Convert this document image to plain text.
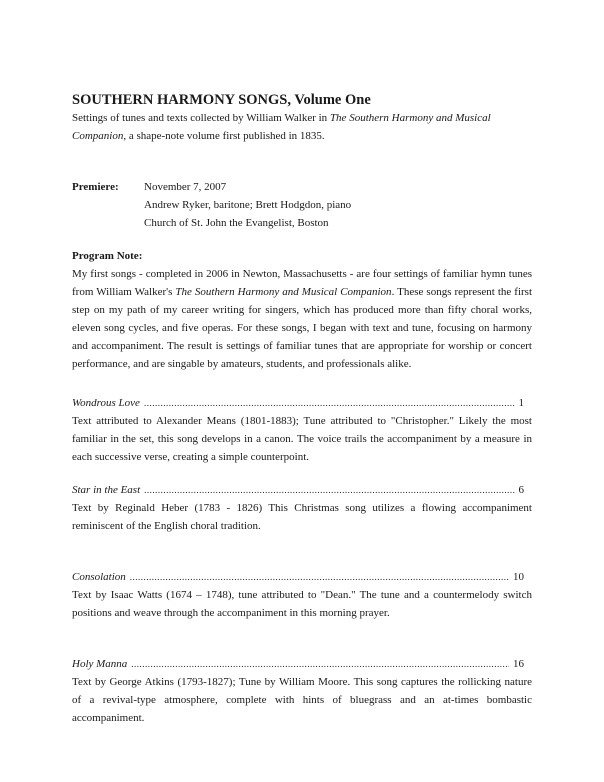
SOUTHERN HARMONY SONGS, Volume One
Settings of tunes and texts collected by William Walker in The Southern Harmony and Musical Companion, a shape-note volume first published in 1835.
Premiere:	November 7, 2007
Andrew Ryker, baritone; Brett Hodgdon, piano
Church of St. John the Evangelist, Boston
Program Note:
My first songs - completed in 2006 in Newton, Massachusetts - are four settings of familiar hymn tunes from William Walker's The Southern Harmony and Musical Companion. These songs represent the first step on my path of my career writing for singers, which has produced more than fifty choral works, eleven song cycles, and five operas. For these songs, I began with text and tune, focusing on harmony and accompaniment. The result is settings of familiar tunes that are appropriate for worship or concert performance, and are singable by amateurs, students, and professionals alike.
Wondrous Love .....	1
Text attributed to Alexander Means (1801-1883); Tune attributed to "Christopher." Likely the most familiar in the set, this song develops in a canon. The voice trails the accompaniment by a measure in each successive verse, creating a simple counterpoint.
Star in the East .....	6
Text by Reginald Heber (1783 - 1826) This Christmas song utilizes a flowing accompaniment reminiscent of the English choral tradition.
Consolation .....	10
Text by Isaac Watts (1674 – 1748), tune attributed to "Dean." The tune and a countermelody switch positions and weave through the accompaniment in this morning prayer.
Holy Manna .....	16
Text by George Atkins (1793-1827); Tune by William Moore. This song captures the rollicking nature of a revival-type atmosphere, complete with hints of bluegrass and an at-times bombastic accompaniment.
